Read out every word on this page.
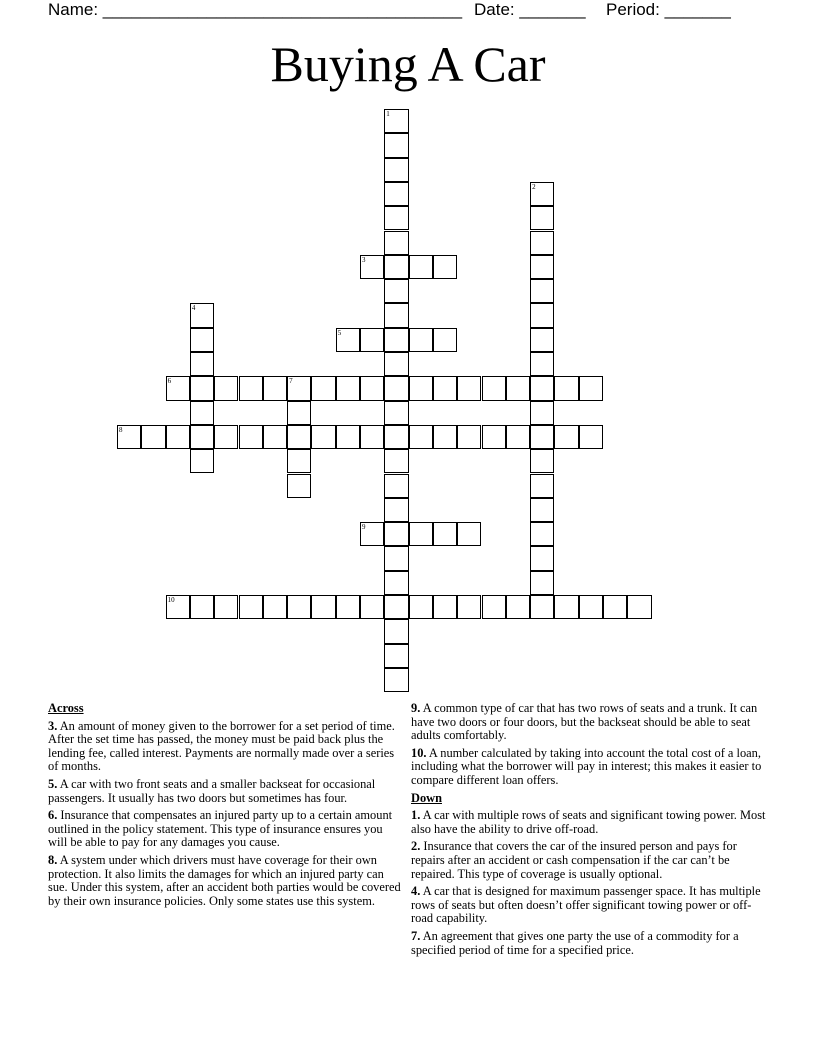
Name: ______________________________________ Date: _______ Period: _______
Buying A Car
1
2
3
4
5
6	7
8
9
10
Across
3. An amount of money given to the borrower for a set period of time. After the set time has passed, the money must be paid back plus the lending fee, called interest. Payments are normally made over a series of months.
5. A car with two front seats and a smaller backseat for occasional passengers. It usually has two doors but sometimes has four.
6. Insurance that compensates an injured party up to a certain amount outlined in the policy statement. This type of insurance ensures you will be able to pay for any damages you cause.
8. A system under which drivers must have coverage for their own protection. It also limits the damages for which an injured party can sue. Under this system, after an accident both parties would be covered by their own insurance policies. Only some states use this system.
9. A common type of car that has two rows of seats and a trunk. It can have two doors or four doors, but the backseat should be able to seat adults comfortably.
10. A number calculated by taking into account the total cost of a loan, including what the borrower will pay in interest; this makes it easier to compare different loan offers.
Down
1. A car with multiple rows of seats and significant towing power. Most also have the ability to drive off-road.
2. Insurance that covers the car of the insured person and pays for repairs after an accident or cash compensation if the car can’t be repaired. This type of coverage is usually optional.
4. A car that is designed for maximum passenger space. It has multiple rows of seats but often doesn’t offer significant towing power or off-road capability.
7. An agreement that gives one party the use of a commodity for a specified period of time for a specified price.
